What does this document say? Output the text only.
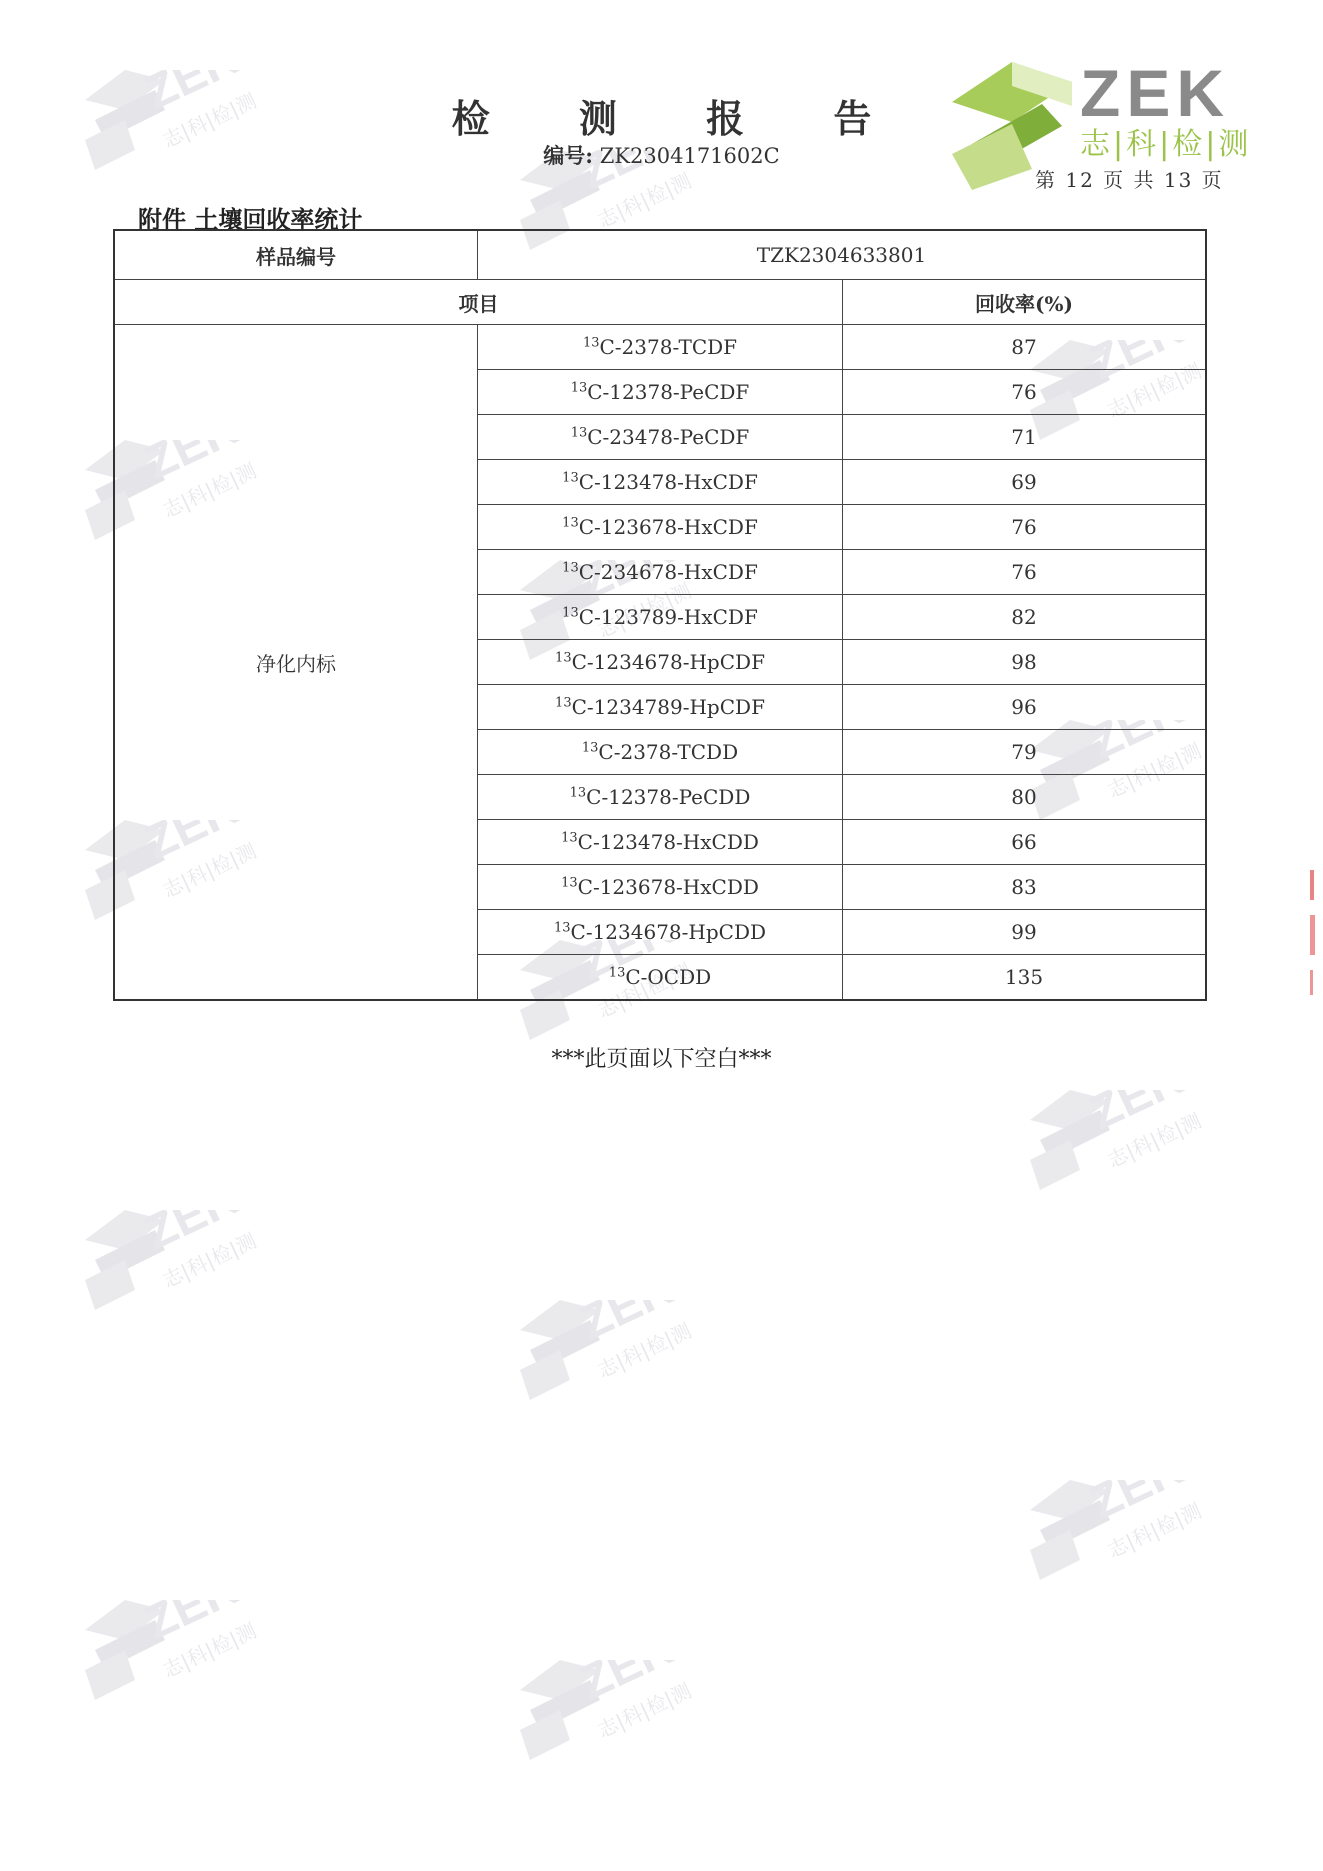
检 测 报 告
编号: ZK2304171602C
ZEK
志|科|检|测
第 12 页 共 13 页
附件 土壤回收率统计
样品编号	TZK2304633801	
项目		回收率(%)
净化内标	$^{13}$C-2378-TCDF	87
	$^{13}$C-12378-PeCDF	76
	$^{13}$C-23478-PeCDF	71
	$^{13}$C-123478-HxCDF	69
	$^{13}$C-123678-HxCDF	76
	$^{13}$C-234678-HxCDF	76
	$^{13}$C-123789-HxCDF	82
	$^{13}$C-1234678-HpCDF	98
	$^{13}$C-1234789-HpCDF	96
	$^{13}$C-2378-TCDD	79
	$^{13}$C-12378-PeCDD	80
	$^{13}$C-123478-HxCDD	66
	$^{13}$C-123678-HxCDD	83
	$^{13}$C-1234678-HpCDD	99
	$^{13}$C-OCDD	135
***此页面以下空白***
